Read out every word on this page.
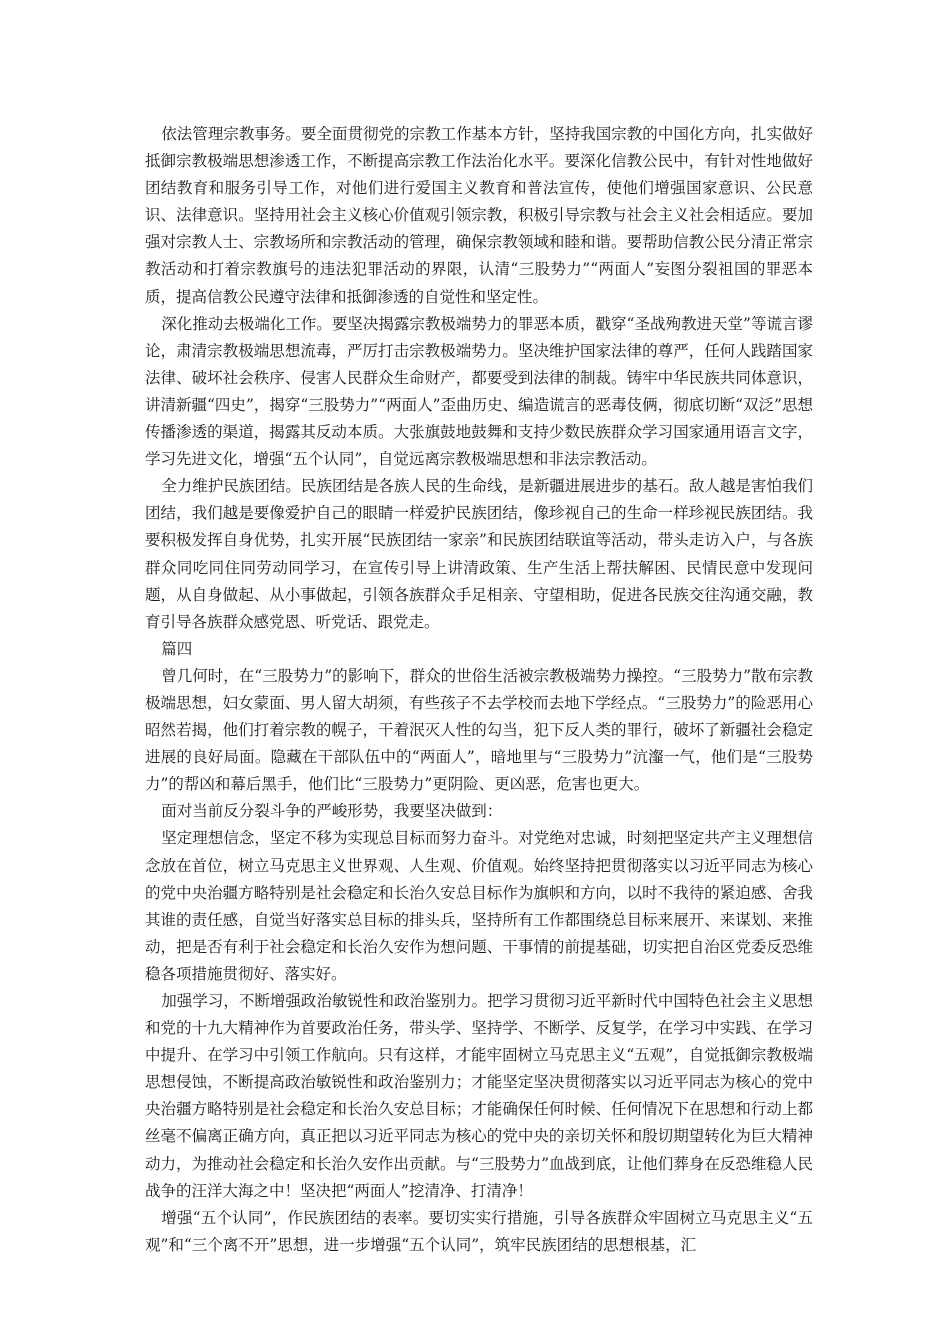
依法管理宗教事务。要全面贯彻党的宗教工作基本方针，坚持我国宗教的中国化方向，扎实做好抵御宗教极端思想渗透工作，不断提高宗教工作法治化水平。要深化信教公民中，有针对性地做好团结教育和服务引导工作，对他们进行爱国主义教育和普法宣传，使他们增强国家意识、公民意识、法律意识。坚持用社会主义核心价值观引领宗教，积极引导宗教与社会主义社会相适应。要加强对宗教人士、宗教场所和宗教活动的管理，确保宗教领域和睦和谐。要帮助信教公民分清正常宗教活动和打着宗教旗号的违法犯罪活动的界限，认清“三股势力”“两面人”妄图分裂祖国的罪恶本质，提高信教公民遵守法律和抵御渗透的自觉性和坚定性。

深化推动去极端化工作。要坚决揭露宗教极端势力的罪恶本质，戳穿“圣战殉教进天堂”等谎言谬论，肃清宗教极端思想流毒，严厉打击宗教极端势力。坚决维护国家法律的尊严，任何人践踏国家法律、破坏社会秩序、侵害人民群众生命财产，都要受到法律的制裁。铸牢中华民族共同体意识，讲清新疆“四史”，揭穿“三股势力”“两面人”歪曲历史、编造谎言的恶毒伎俩，彻底切断“双泛”思想传播渗透的渠道，揭露其反动本质。大张旗鼓地鼓舞和支持少数民族群众学习国家通用语言文字，学习先进文化，增强“五个认同”，自觉远离宗教极端思想和非法宗教活动。

全力维护民族团结。民族团结是各族人民的生命线，是新疆进展进步的基石。敌人越是害怕我们团结，我们越是要像爱护自己的眼睛一样爱护民族团结，像珍视自己的生命一样珍视民族团结。我要积极发挥自身优势，扎实开展“民族团结一家亲”和民族团结联谊等活动，带头走访入户，与各族群众同吃同住同劳动同学习，在宣传引导上讲清政策、生产生活上帮扶解困、民情民意中发现问题，从自身做起、从小事做起，引领各族群众手足相亲、守望相助，促进各民族交往沟通交融，教育引导各族群众感党恩、听党话、跟党走。

篇四

曾几何时，在“三股势力”的影响下，群众的世俗生活被宗教极端势力操控。“三股势力”散布宗教极端思想，妇女蒙面、男人留大胡须，有些孩子不去学校而去地下学经点。“三股势力”的险恶用心昭然若揭，他们打着宗教的幌子，干着泯灭人性的勾当，犯下反人类的罪行，破坏了新疆社会稳定进展的良好局面。隐藏在干部队伍中的“两面人”，暗地里与“三股势力”沆瀣一气，他们是“三股势力”的帮凶和幕后黑手，他们比“三股势力”更阴险、更凶恶，危害也更大。

面对当前反分裂斗争的严峻形势，我要坚决做到：

坚定理想信念，坚定不移为实现总目标而努力奋斗。对党绝对忠诚，时刻把坚定共产主义理想信念放在首位，树立马克思主义世界观、人生观、价值观。始终坚持把贯彻落实以习近平同志为核心的党中央治疆方略特别是社会稳定和长治久安总目标作为旗帜和方向，以时不我待的紧迫感、舍我其谁的责任感，自觉当好落实总目标的排头兵，坚持所有工作都围绕总目标来展开、来谋划、来推动，把是否有利于社会稳定和长治久安作为想问题、干事情的前提基础，切实把自治区党委反恐维稳各项措施贯彻好、落实好。

加强学习，不断增强政治敏锐性和政治鉴别力。把学习贯彻习近平新时代中国特色社会主义思想和党的十九大精神作为首要政治任务，带头学、坚持学、不断学、反复学，在学习中实践、在学习中提升、在学习中引领工作航向。只有这样，才能牢固树立马克思主义“五观”，自觉抵御宗教极端思想侵蚀，不断提高政治敏锐性和政治鉴别力；才能坚定坚决贯彻落实以习近平同志为核心的党中央治疆方略特别是社会稳定和长治久安总目标；才能确保任何时候、任何情况下在思想和行动上都丝毫不偏离正确方向，真正把以习近平同志为核心的党中央的亲切关怀和殷切期望转化为巨大精神动力，为推动社会稳定和长治久安作出贡献。与“三股势力”血战到底，让他们葬身在反恐维稳人民战争的汪洋大海之中！坚决把“两面人”挖清净、打清净！

增强“五个认同”，作民族团结的表率。要切实实行措施，引导各族群众牢固树立马克思主义“五观”和“三个离不开”思想，进一步增强“五个认同”，筑牢民族团结的思想根基，汇
